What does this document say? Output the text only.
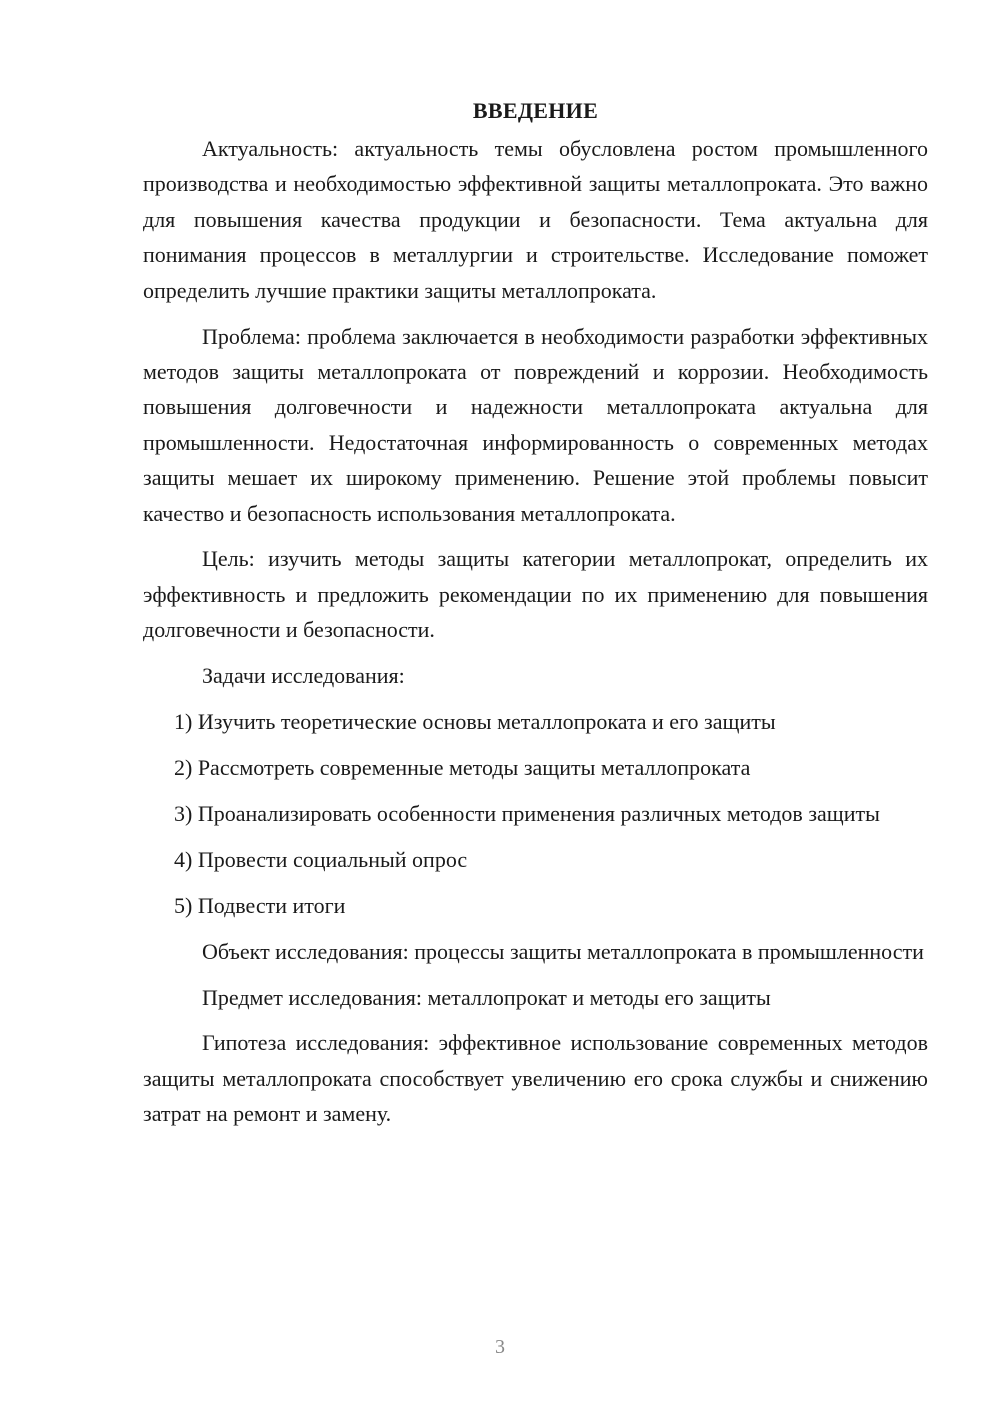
ВВЕДЕНИЕ

Актуальность: актуальность темы обусловлена ростом промышленного производства и необходимостью эффективной защиты металлопроката. Это важно для повышения качества продукции и безопасности. Тема актуальна для понимания процессов в металлургии и строительстве. Исследование поможет определить лучшие практики защиты металлопроката.

Проблема: проблема заключается в необходимости разработки эффективных методов защиты металлопроката от повреждений и коррозии. Необходимость повышения долговечности и надежности металлопроката актуальна для промышленности. Недостаточная информированность о современных методах защиты мешает их широкому применению. Решение этой проблемы повысит качество и безопасность использования металлопроката.

Цель: изучить методы защиты категории металлопрокат, определить их эффективность и предложить рекомендации по их применению для повышения долговечности и безопасности.

Задачи исследования:

1) Изучить теоретические основы металлопроката и его защиты

2) Рассмотреть современные методы защиты металлопроката

3) Проанализировать особенности применения различных методов защиты

4) Провести социальный опрос

5) Подвести итоги

Объект исследования: процессы защиты металлопроката в промышленности

Предмет исследования: металлопрокат и методы его защиты

Гипотеза исследования: эффективное использование современных методов защиты металлопроката способствует увеличению его срока службы и снижению затрат на ремонт и замену.

3
